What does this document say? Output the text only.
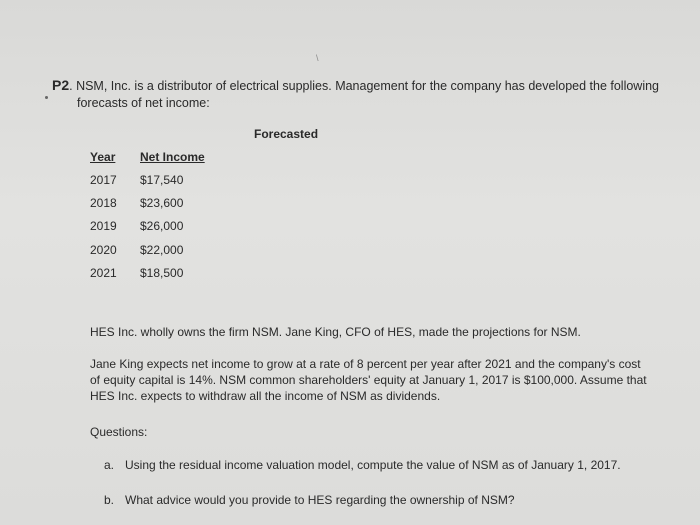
\
P2. NSM, Inc. is a distributor of electrical supplies. Management for the company has developed the following
forecasts of net income:
Forecasted
Year Net Income
2017 $17,540
2018 $23,600
2019 $26,000
2020 $22,000
2021 $18,500
HES Inc. wholly owns the firm NSM. Jane King, CFO of HES, made the projections for NSM.
Jane King expects net income to grow at a rate of 8 percent per year after 2021 and the company's cost
of equity capital is 14%. NSM common shareholders' equity at January 1, 2017 is $100,000. Assume that
HES Inc. expects to withdraw all the income of NSM as dividends.
Questions:
a. Using the residual income valuation model, compute the value of NSM as of January 1, 2017.
b. What advice would you provide to HES regarding the ownership of NSM?
